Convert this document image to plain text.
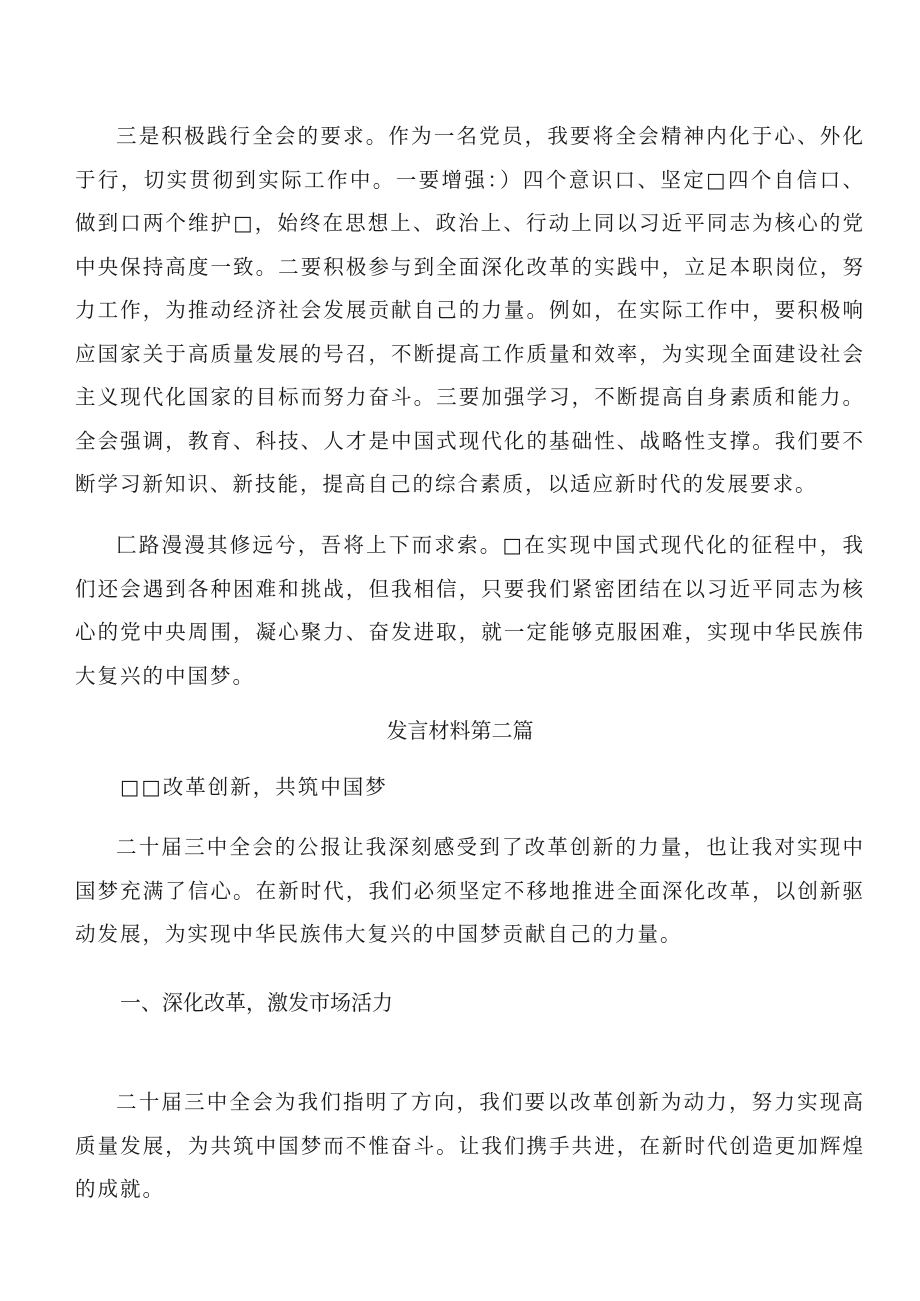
三是积极践行全会的要求。作为一名党员，我要将全会精神内化于心、外化于行，切实贯彻到实际工作中。一要增强：）四个意识口、坚定□四个自信口、做到口两个维护□，始终在思想上、政治上、行动上同以习近平同志为核心的党中央保持高度一致。二要积极参与到全面深化改革的实践中，立足本职岗位，努力工作，为推动经济社会发展贡献自己的力量。例如，在实际工作中，要积极响应国家关于高质量发展的号召，不断提高工作质量和效率，为实现全面建设社会主义现代化国家的目标而努力奋斗。三要加强学习，不断提高自身素质和能力。全会强调，教育、科技、人才是中国式现代化的基础性、战略性支撑。我们要不断学习新知识、新技能，提高自己的综合素质，以适应新时代的发展要求。

匚路漫漫其修远兮，吾将上下而求索。□在实现中国式现代化的征程中，我们还会遇到各种困难和挑战，但我相信，只要我们紧密团结在以习近平同志为核心的党中央周围，凝心聚力、奋发进取，就一定能够克服困难，实现中华民族伟大复兴的中国梦。

发言材料第二篇

□□改革创新，共筑中国梦

二十届三中全会的公报让我深刻感受到了改革创新的力量，也让我对实现中国梦充满了信心。在新时代，我们必须坚定不移地推进全面深化改革，以创新驱动发展，为实现中华民族伟大复兴的中国梦贡献自己的力量。

一、深化改革，激发市场活力

二十届三中全会为我们指明了方向，我们要以改革创新为动力，努力实现高质量发展，为共筑中国梦而不惟奋斗。让我们携手共进，在新时代创造更加辉煌的成就。
